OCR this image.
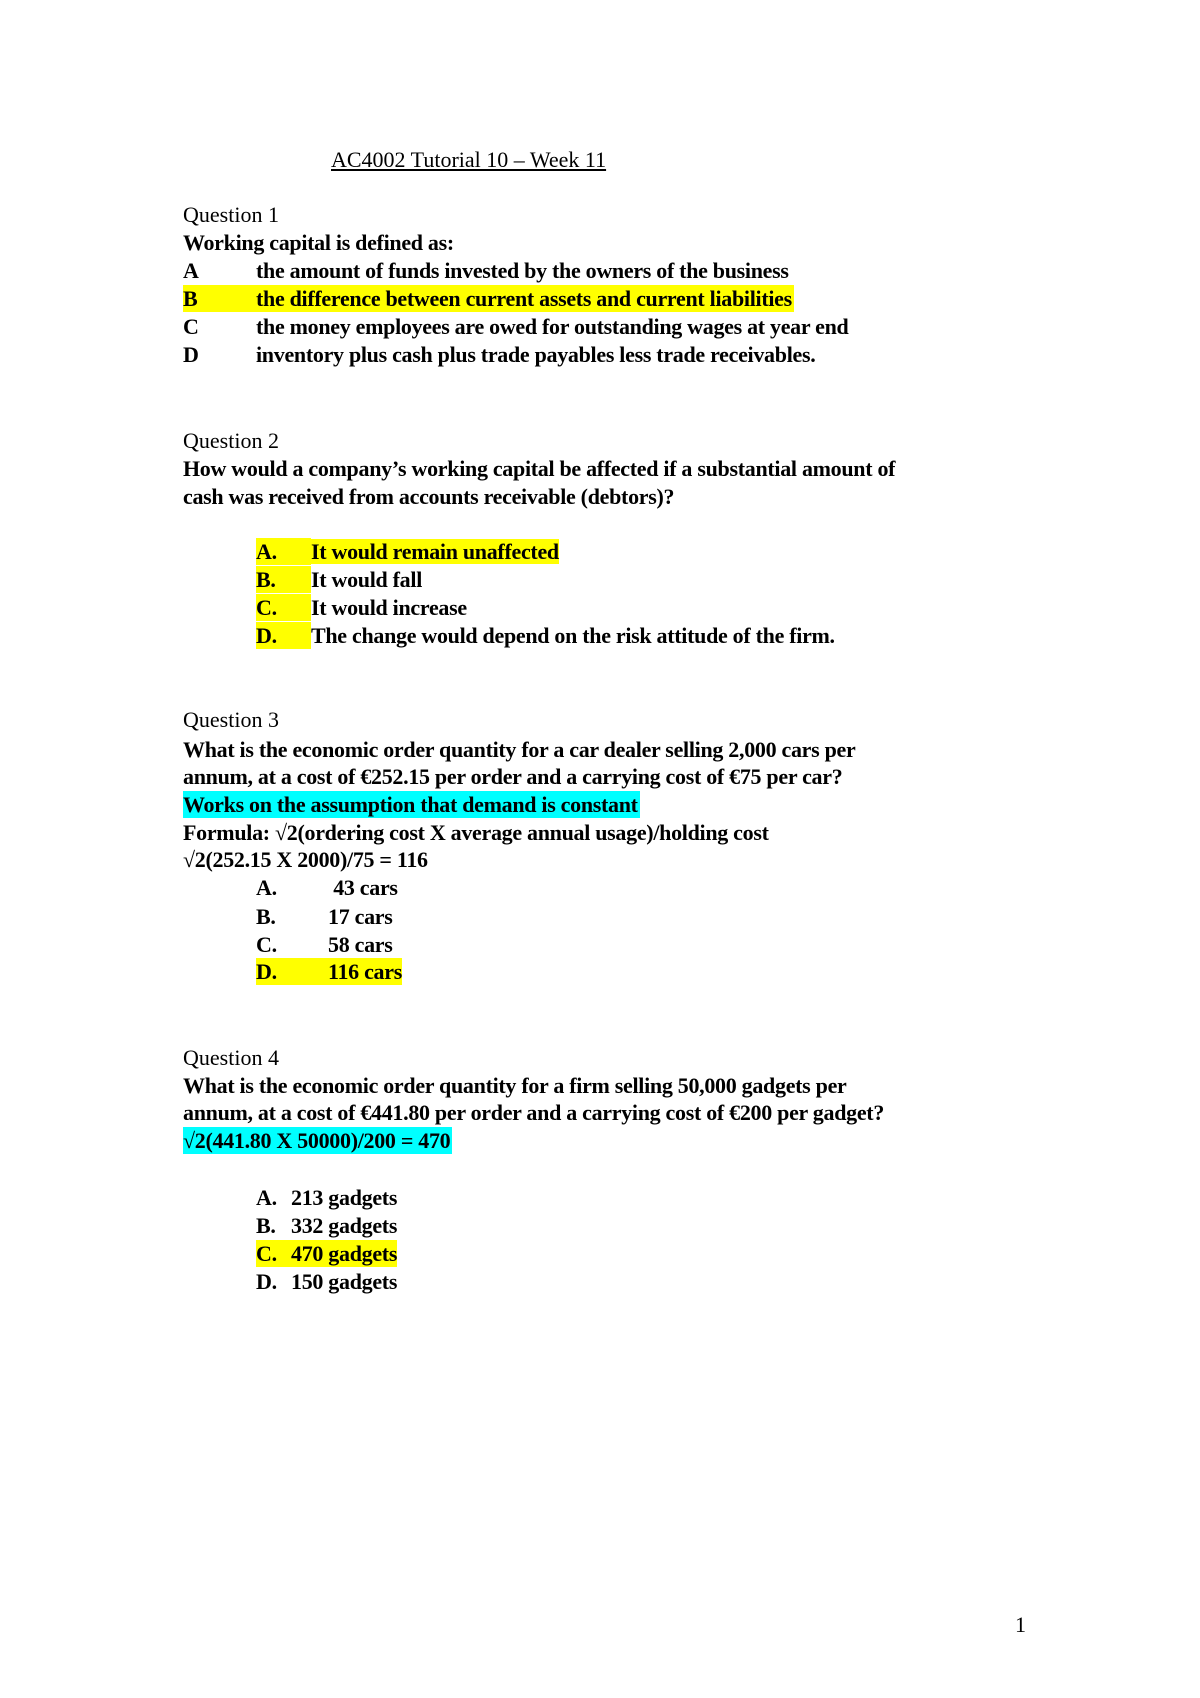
AC4002 Tutorial 10 – Week 11
Question 1
Working capital is defined as:
A	the amount of funds invested by the owners of the business
B	the difference between current assets and current liabilities
C	the money employees are owed for outstanding wages at year end
D	inventory plus cash plus trade payables less trade receivables.
Question 2
How would a company’s working capital be affected if a substantial amount of
cash was received from accounts receivable (debtors)?
A. It would remain unaffected
B. It would fall
C. It would increase
D. The change would depend on the risk attitude of the firm.
Question 3
What is the economic order quantity for a car dealer selling 2,000 cars per
annum, at a cost of €252.15 per order and a carrying cost of €75 per car?
Works on the assumption that demand is constant
Formula: √2(ordering cost X average annual usage)/holding cost
√2(252.15 X 2000)/75 = 116
A. 43 cars
B. 17 cars
C. 58 cars
D. 116 cars
Question 4
What is the economic order quantity for a firm selling 50,000 gadgets per
annum, at a cost of €441.80 per order and a carrying cost of €200 per gadget?
√2(441.80 X 50000)/200 = 470
A. 213 gadgets
B. 332 gadgets
C. 470 gadgets
D. 150 gadgets
1
